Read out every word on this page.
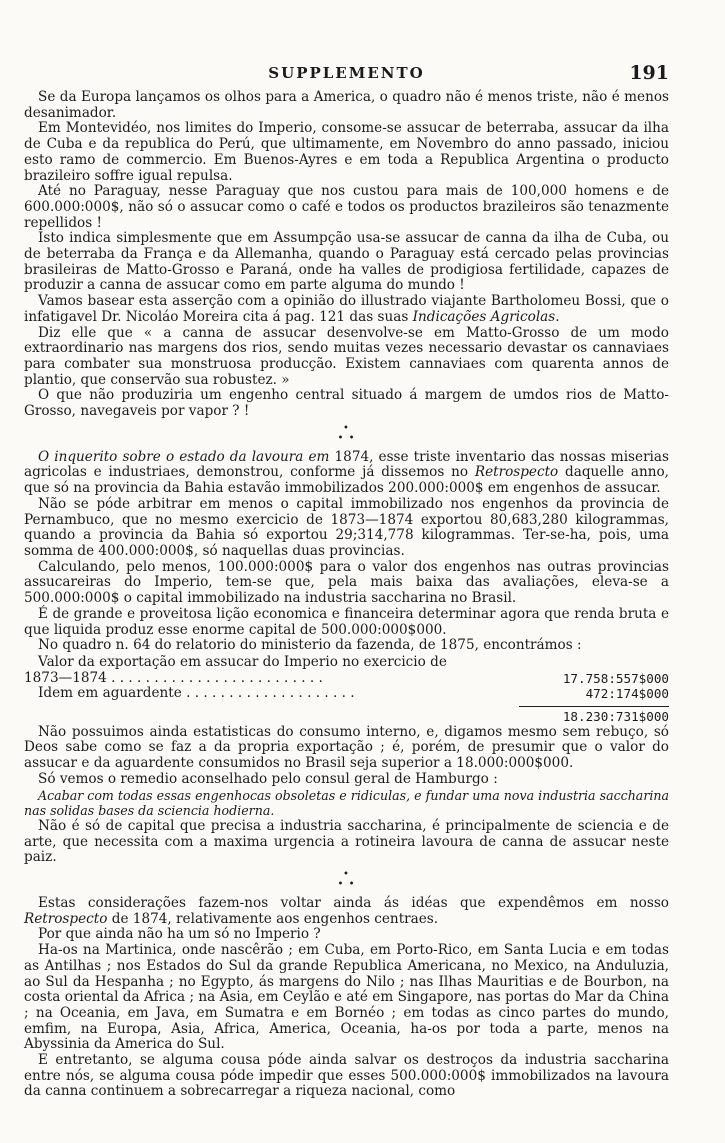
SUPPLEMENTO	191

Se da Europa lançamos os olhos para a America, o quadro não é menos triste, não é menos desanimador.

Em Montevidéo, nos limites do Imperio, consome-se assucar de beterraba, assucar da ilha de Cuba e da republica do Perú, que ultimamente, em Novembro do anno passado, iniciou esto ramo de commercio. Em Buenos-Ayres e em toda a Republica Argentina o producto brazileiro soffre igual repulsa.

Até no Paraguay, nesse Paraguay que nos custou para mais de 100,000 homens e de 600.000:000$, não só o assucar como o café e todos os productos brazileiros são tenazmente repellidos !

Isto indica simplesmente que em Assumpção usa-se assucar de canna da ilha de Cuba, ou de beterraba da França e da Allemanha, quando o Paraguay está cercado pelas provincias brasileiras de Matto-Grosso e Paraná, onde ha valles de prodigiosa fertilidade, capazes de produzir a canna de assucar como em parte alguma do mundo !

Vamos basear esta asserção com a opinião do illustrado viajante Bartholomeu Bossi, que o infatigavel Dr. Nicoláo Moreira cita á pag. 121 das suas Indicações Agricolas.

Diz elle que « a canna de assucar desenvolve-se em Matto-Grosso de um modo extraordinario nas margens dos rios, sendo muitas vezes necessario devastar os cannaviaes para combater sua monstruosa producção. Existem cannaviaes com quarenta annos de plantio, que conservão sua robustez. »

O que não produziria um engenho central situado á margem de umdos rios de Matto-Grosso, navegaveis por vapor ? !

•
• •

O inquerito sobre o estado da lavoura em 1874, esse triste inventario das nossas miserias agricolas e industriaes, demonstrou, conforme já dissemos no Retrospecto daquelle anno, que só na provincia da Bahia estavão immobilizados 200.000:000$ em engenhos de assucar.

Não se póde arbitrar em menos o capital immobilizado nos engenhos da provincia de Pernambuco, que no mesmo exercicio de 1873—1874 exportou 80,683,280 kilogrammas, quando a provincia da Bahia só exportou 29;314,778 kilogrammas. Ter-se-ha, pois, uma somma de 400.000:000$, só naquellas duas provincias.

Calculando, pelo menos, 100.000:000$ para o valor dos engenhos nas outras provincias assucareiras do Imperio, tem-se que, pela mais baixa das avaliações, eleva-se a 500.000:000$ o capital immobilizado na industria saccharina no Brasil.

É de grande e proveitosa lição economica e financeira determinar agora que renda bruta e que liquida produz esse enorme capital de 500.000:000$000.

No quadro n. 64 do relatorio do ministerio da fazenda, de 1875, encontrámos :

Valor da exportação em assucar do Imperio no exercicio de
1873—1874 . . . . . . . . . . . . . . . . . . . . . . . . .	17.758:557$000
Idem em aguardente . . . . . . . . . . . . . . . . . . . .	472:174$000
18.230:731$000

Não possuimos ainda estatisticas do consumo interno, e, digamos mesmo sem rebuço, só Deos sabe como se faz a da propria exportação ; é, porém, de presumir que o valor do assucar e da aguardente consumidos no Brasil seja superior a 18.000:000$000.

Só vemos o remedio aconselhado pelo consul geral de Hamburgo :

Acabar com todas essas engenhocas obsoletas e ridiculas, e fundar uma nova industria saccharina nas solidas bases da sciencia hodierna.

Não é só de capital que precisa a industria saccharina, é principalmente de sciencia e de arte, que necessita com a maxima urgencia a rotineira lavoura de canna de assucar neste paiz.

•
• •

Estas considerações fazem-nos voltar ainda ás idéas que expendêmos em nosso Retrospecto de 1874, relativamente aos engenhos centraes.

Por que ainda não ha um só no Imperio ?

Ha-os na Martinica, onde nascêrão ; em Cuba, em Porto-Rico, em Santa Lucia e em todas as Antilhas ; nos Estados do Sul da grande Republica Americana, no Mexico, na Anduluzia, ao Sul da Hespanha ; no Egypto, ás margens do Nilo ; nas Ilhas Mauritias e de Bourbon, na costa oriental da Africa ; na Asia, em Ceylão e até em Singapore, nas portas do Mar da China ; na Oceania, em Java, em Sumatra e em Bornéo ; em todas as cinco partes do mundo, emfim, na Europa, Asia, Africa, America, Oceania, ha-os por toda a parte, menos na Abyssinia da America do Sul.

E entretanto, se alguma cousa póde ainda salvar os destroços da industria saccharina entre nós, se alguma cousa póde impedir que esses 500.000:000$ immobilizados na lavoura da canna continuem a sobrecarregar a riqueza nacional, como
